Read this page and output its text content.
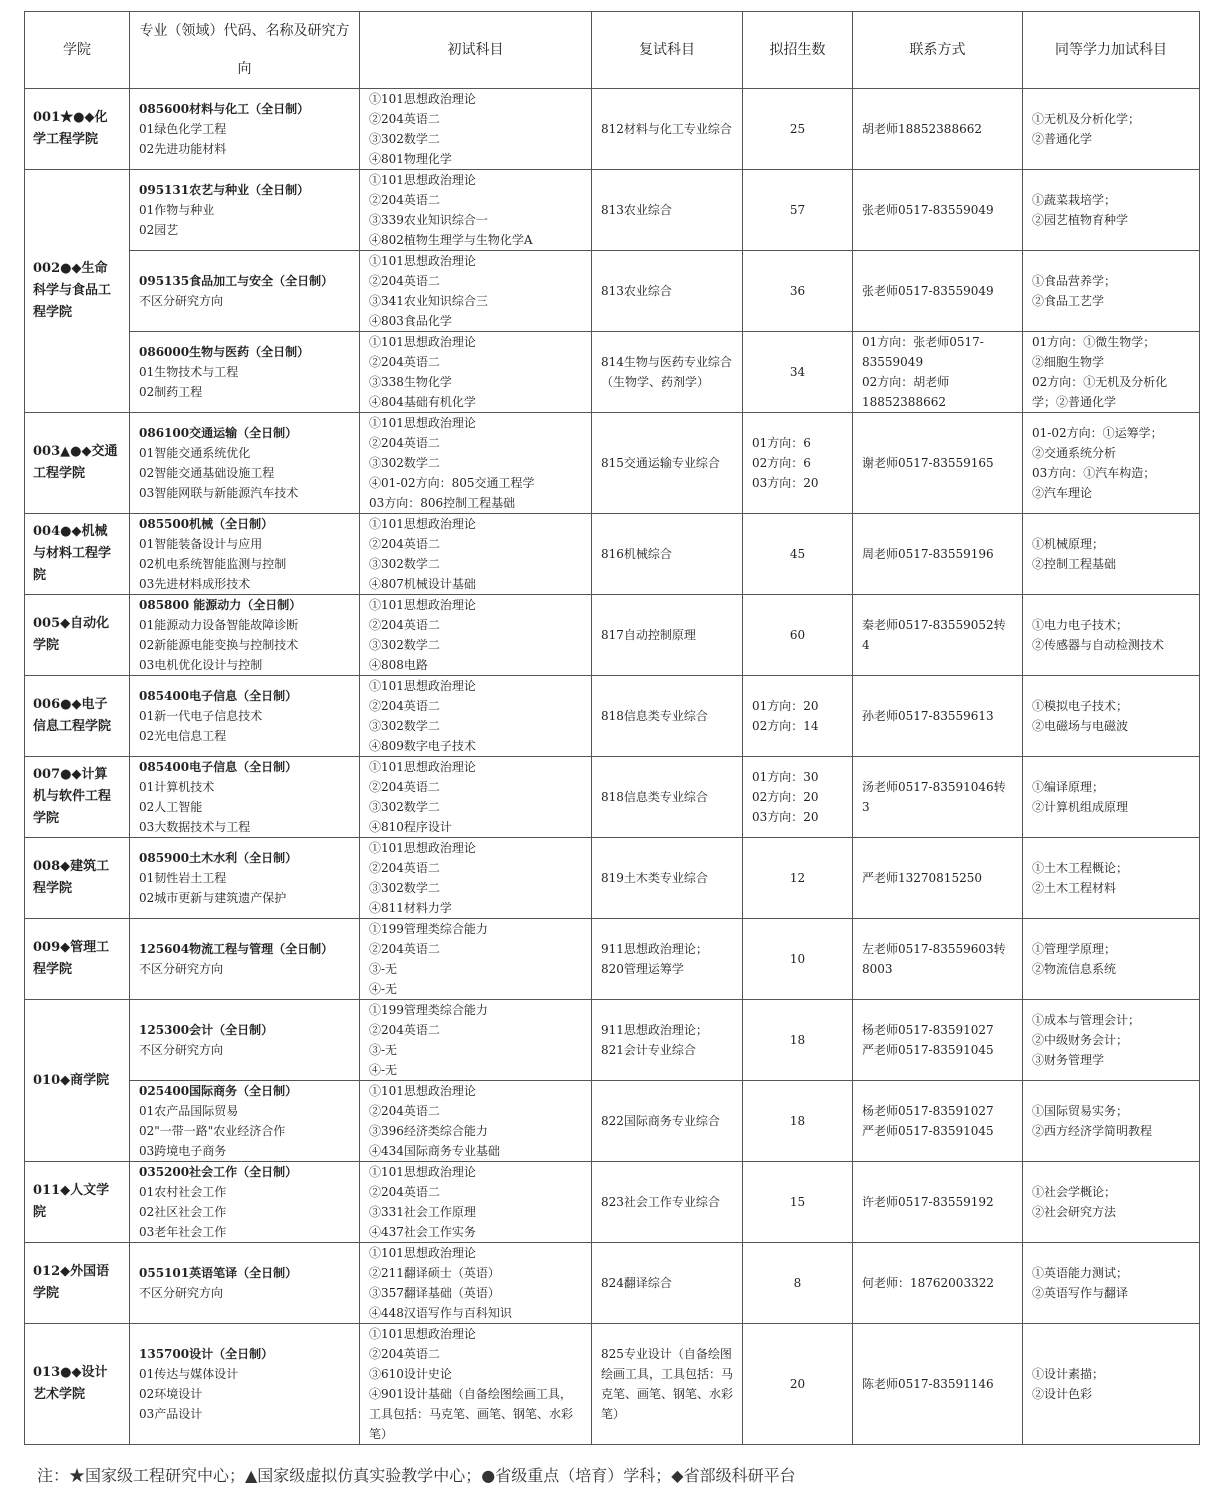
学院	专业（领域）代码、名称及研究方向	初试科目	复试科目	拟招生数	联系方式	同等学力加试科目
001★●◆化学工程学院	085600材料与化工（全日制）
01绿色化学工程
02先进功能材料	①101思想政治理论
②204英语二
③302数学二
④801物理化学	812材料与化工专业综合	25	胡老师18852388662	①无机及分析化学；
②普通化学

002●◆生命科学与食品工程学院	095131农艺与种业（全日制）
01作物与种业
02园艺	①101思想政治理论
②204英语二
③339农业知识综合一
④802植物生理学与生物化学A	813农业综合	57	张老师0517-83559049	①蔬菜栽培学；
②园艺植物育种学

	095135食品加工与安全（全日制）
不区分研究方向	①101思想政治理论
②204英语二
③341农业知识综合三
④803食品化学	813农业综合	36	张老师0517-83559049	①食品营养学；
②食品工艺学

	086000生物与医药（全日制）
01生物技术与工程
02制药工程	①101思想政治理论
②204英语二
③338生物化学
④804基础有机化学	814生物与医药专业综合（生物学、药剂学）	34	01方向：张老师0517-83559049
02方向：胡老师18852388662	01方向：①微生物学；
②细胞生物学
02方向：①无机及分析化学；②普通化学

003▲●◆交通工程学院	086100交通运输（全日制）
01智能交通系统优化
02智能交通基础设施工程
03智能网联与新能源汽车技术	①101思想政治理论
②204英语二
③302数学二
④01-02方向：805交通工程学
03方向：806控制工程基础	815交通运输专业综合	01方向：6
02方向：6
03方向：20	谢老师0517-83559165	01-02方向：①运筹学；
②交通系统分析
03方向：①汽车构造；
②汽车理论

004●◆机械与材料工程学院	085500机械（全日制）
01智能装备设计与应用
02机电系统智能监测与控制
03先进材料成形技术	①101思想政治理论
②204英语二
③302数学二
④807机械设计基础	816机械综合	45	周老师0517-83559196	①机械原理；
②控制工程基础

005◆自动化学院	085800 能源动力（全日制）
01能源动力设备智能故障诊断
02新能源电能变换与控制技术
03电机优化设计与控制	①101思想政治理论
②204英语二
③302数学二
④808电路	817自动控制原理	60	秦老师0517-83559052转4	①电力电子技术；
②传感器与自动检测技术

006●◆电子信息工程学院	085400电子信息（全日制）
01新一代电子信息技术
02光电信息工程	①101思想政治理论
②204英语二
③302数学二
④809数字电子技术	818信息类专业综合	01方向：20
02方向：14	孙老师0517-83559613	①模拟电子技术；
②电磁场与电磁波

007●◆计算机与软件工程学院	085400电子信息（全日制）
01计算机技术
02人工智能
03大数据技术与工程	①101思想政治理论
②204英语二
③302数学二
④810程序设计	818信息类专业综合	01方向：30
02方向：20
03方向：20	汤老师0517-83591046转3	①编译原理；
②计算机组成原理

008◆建筑工程学院	085900土木水利（全日制）
01韧性岩土工程
02城市更新与建筑遗产保护	①101思想政治理论
②204英语二
③302数学二
④811材料力学	819土木类专业综合	12	严老师13270815250	①土木工程概论；
②土木工程材料

009◆管理工程学院	125604物流工程与管理（全日制）
不区分研究方向	①199管理类综合能力
②204英语二
③-无
④-无	911思想政治理论；
820管理运筹学	10	左老师0517-83559603转8003	①管理学原理；
②物流信息系统

010◆商学院	125300会计（全日制）
不区分研究方向	①199管理类综合能力
②204英语二
③-无
④-无	911思想政治理论；
821会计专业综合	18	杨老师0517-83591027
严老师0517-83591045	①成本与管理会计；
②中级财务会计；
③财务管理学

	025400国际商务（全日制）
01农产品国际贸易
02"一带一路"农业经济合作
03跨境电子商务	①101思想政治理论
②204英语二
③396经济类综合能力
④434国际商务专业基础	822国际商务专业综合	18	杨老师0517-83591027
严老师0517-83591045	①国际贸易实务；
②西方经济学简明教程

011◆人文学院	035200社会工作（全日制）
01农村社会工作
02社区社会工作
03老年社会工作	①101思想政治理论
②204英语二
③331社会工作原理
④437社会工作实务	823社会工作专业综合	15	许老师0517-83559192	①社会学概论；
②社会研究方法

012◆外国语学院	055101英语笔译（全日制）
不区分研究方向	①101思想政治理论
②211翻译硕士（英语）
③357翻译基础（英语）
④448汉语写作与百科知识	824翻译综合	8	何老师：18762003322	①英语能力测试；
②英语写作与翻译

013●◆设计艺术学院	135700设计（全日制）
01传达与媒体设计
02环境设计
03产品设计	①101思想政治理论
②204英语二
③610设计史论
④901设计基础（自备绘图绘画工具，工具包括：马克笔、画笔、钢笔、水彩笔）	825专业设计（自备绘图绘画工具，工具包括：马克笔、画笔、钢笔、水彩笔）	20	陈老师0517-83591146	①设计素描；
②设计色彩
注：★国家级工程研究中心；▲国家级虚拟仿真实验教学中心；●省级重点（培育）学科；◆省部级科研平台
